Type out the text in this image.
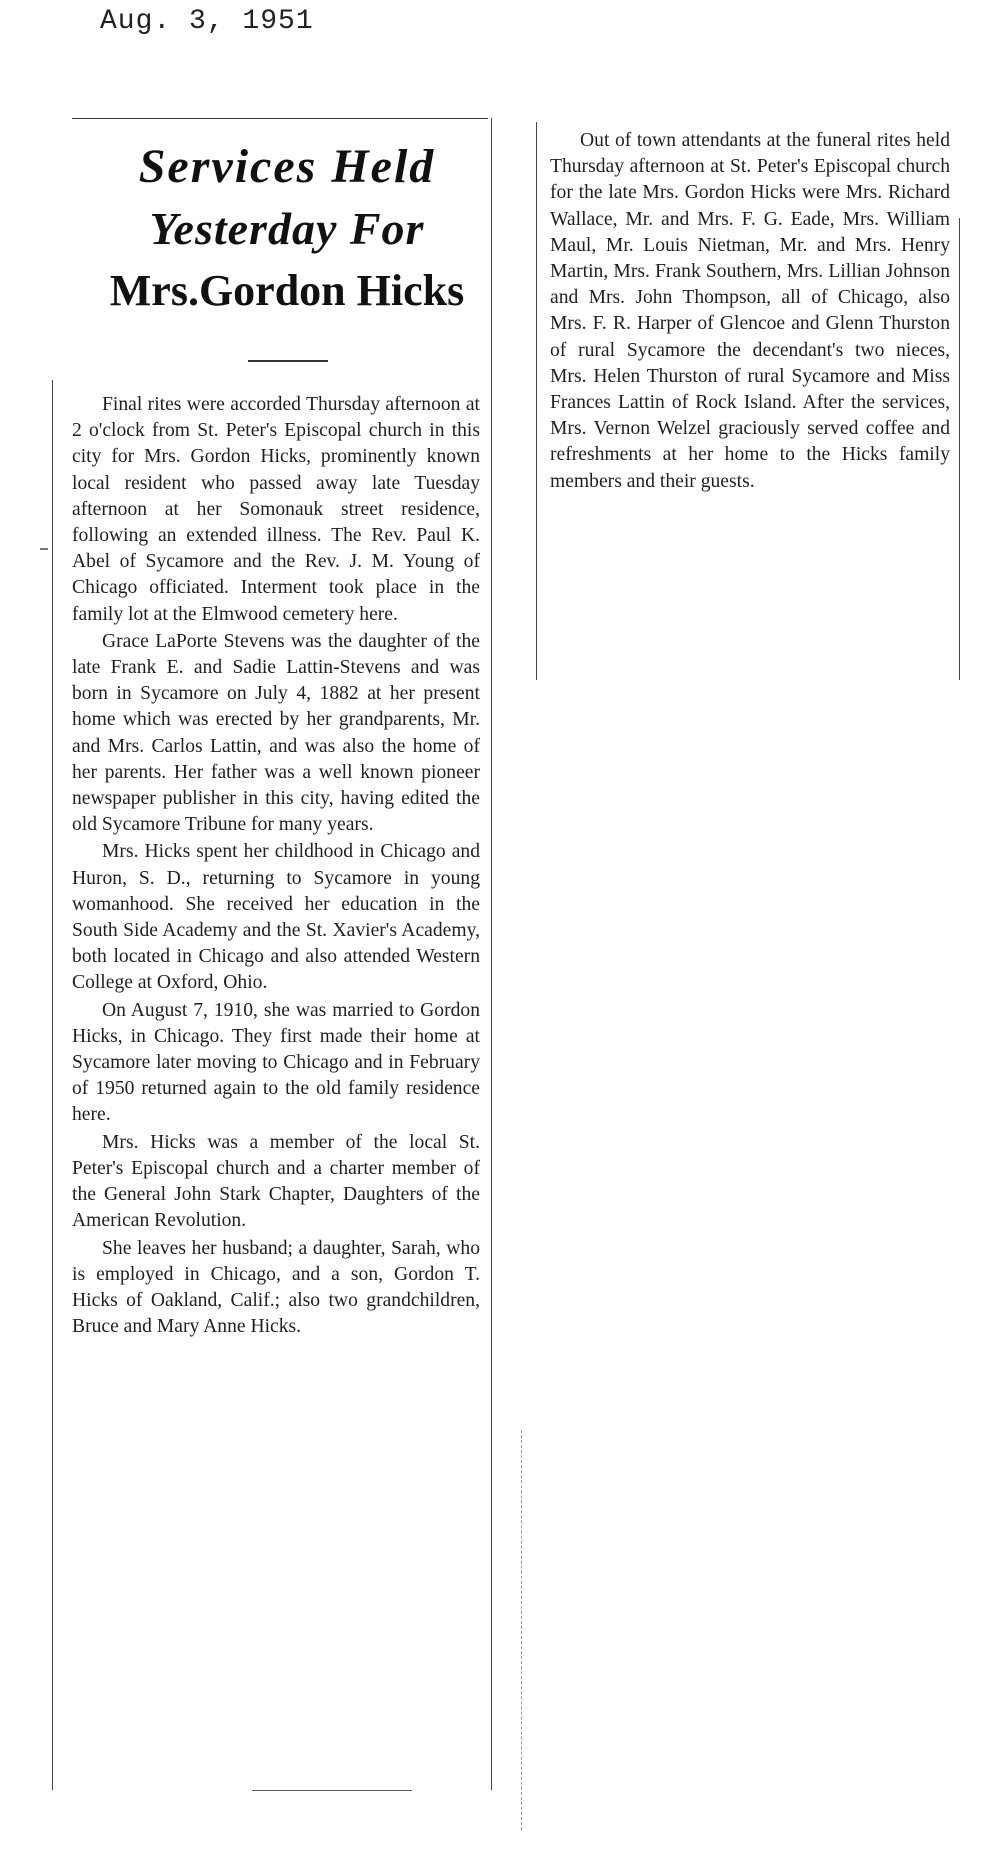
Aug. 3, 1951
Services Held
Yesterday For
Mrs.Gordon Hicks

Final rites were accorded Thursday afternoon at 2 o'clock from St. Peter's Episcopal church in this city for Mrs. Gordon Hicks, prominently known local resident who passed away late Tuesday afternoon at her Somonauk street residence, following an extended illness. The Rev. Paul K. Abel of Sycamore and the Rev. J. M. Young of Chicago officiated. Interment took place in the family lot at the Elmwood cemetery here.

Grace LaPorte Stevens was the daughter of the late Frank E. and Sadie Lattin-Stevens and was born in Sycamore on July 4, 1882 at her present home which was erected by her grandparents, Mr. and Mrs. Carlos Lattin, and was also the home of her parents. Her father was a well known pioneer newspaper publisher in this city, having edited the old Sycamore Tribune for many years.

Mrs. Hicks spent her childhood in Chicago and Huron, S. D., returning to Sycamore in young womanhood. She received her education in the South Side Academy and the St. Xavier's Academy, both located in Chicago and also attended Western College at Oxford, Ohio.

On August 7, 1910, she was married to Gordon Hicks, in Chicago. They first made their home at Sycamore later moving to Chicago and in February of 1950 returned again to the old family residence here.

Mrs. Hicks was a member of the local St. Peter's Episcopal church and a charter member of the General John Stark Chapter, Daughters of the American Revolution.

She leaves her husband; a daughter, Sarah, who is employed in Chicago, and a son, Gordon T. Hicks of Oakland, Calif.; also two grandchildren, Bruce and Mary Anne Hicks.

Out of town attendants at the funeral rites held Thursday afternoon at St. Peter's Episcopal church for the late Mrs. Gordon Hicks were Mrs. Richard Wallace, Mr. and Mrs. F. G. Eade, Mrs. William Maul, Mr. Louis Nietman, Mr. and Mrs. Henry Martin, Mrs. Frank Southern, Mrs. Lillian Johnson and Mrs. John Thompson, all of Chicago, also Mrs. F. R. Harper of Glencoe and Glenn Thurston of rural Sycamore the decendant's two nieces, Mrs. Helen Thurston of rural Sycamore and Miss Frances Lattin of Rock Island. After the services, Mrs. Vernon Welzel graciously served coffee and refreshments at her home to the Hicks family members and their guests.
